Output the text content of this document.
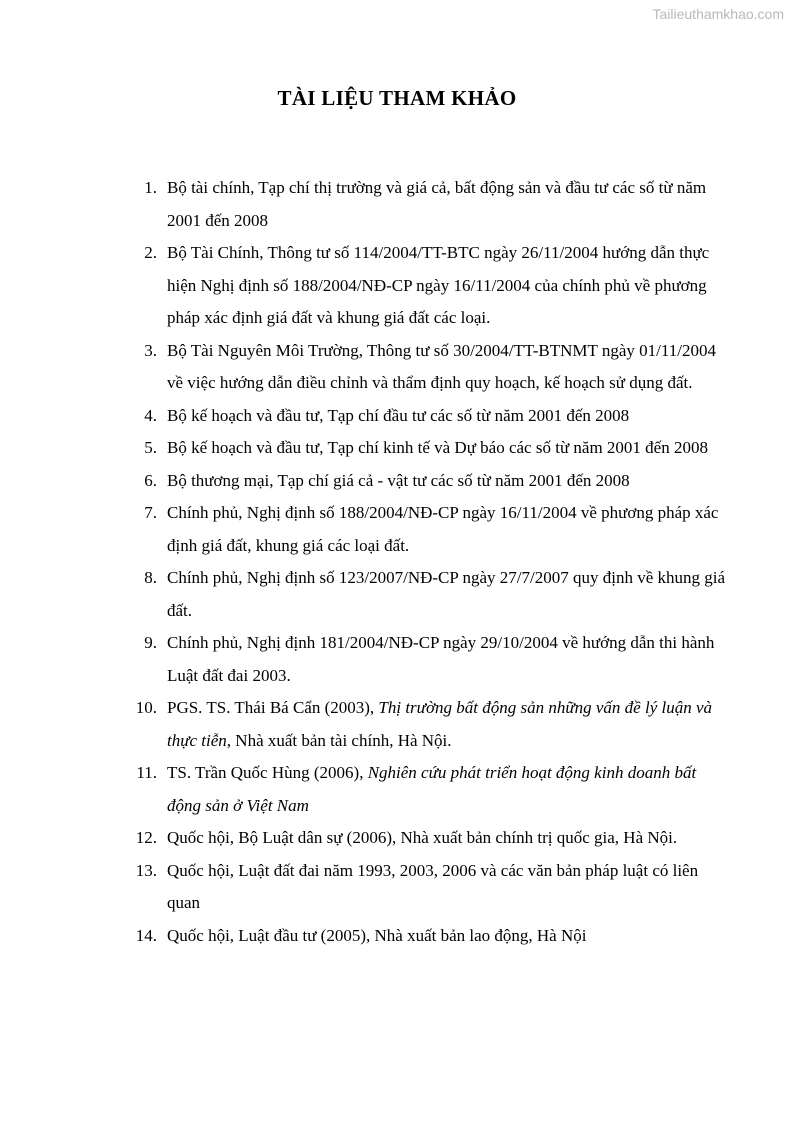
Tailieuthamkhao.com
TÀI LIỆU THAM KHẢO
1. Bộ tài chính, Tạp chí thị trường và giá cả, bất động sản và đầu tư các số từ năm 2001 đến 2008
2. Bộ Tài Chính, Thông tư số 114/2004/TT-BTC ngày 26/11/2004 hướng dẫn thực hiện Nghị định số 188/2004/NĐ-CP ngày 16/11/2004 của chính phủ về phương pháp xác định giá đất và khung giá đất các loại.
3. Bộ Tài Nguyên Môi Trường, Thông tư số 30/2004/TT-BTNMT ngày 01/11/2004 về việc hướng dẫn điều chỉnh và thẩm định quy hoạch, kế hoạch sử dụng đất.
4. Bộ kế hoạch và đầu tư, Tạp chí đầu tư các số từ năm 2001 đến 2008
5. Bộ kế hoạch và đầu tư, Tạp chí kinh tế và Dự báo các số từ năm 2001 đến 2008
6. Bộ thương mại, Tạp chí giá cả - vật tư các số từ năm 2001 đến 2008
7. Chính phủ, Nghị định số 188/2004/NĐ-CP ngày 16/11/2004 về phương pháp xác định giá đất, khung giá các loại đất.
8. Chính phủ, Nghị định số 123/2007/NĐ-CP ngày 27/7/2007 quy định về khung giá đất.
9. Chính phủ, Nghị định 181/2004/NĐ-CP ngày 29/10/2004 về hướng dẫn thi hành Luật đất đai 2003.
10. PGS. TS. Thái Bá Cẩn (2003), Thị trường bất động sản những vấn đề lý luận và thực tiễn, Nhà xuất bản tài chính, Hà Nội.
11. TS. Trần Quốc Hùng (2006), Nghiên cứu phát triển hoạt động kinh doanh bất động sản ở Việt Nam
12. Quốc hội, Bộ Luật dân sự (2006), Nhà xuất bản chính trị quốc gia, Hà Nội.
13. Quốc hội, Luật đất đai năm 1993, 2003, 2006 và các văn bản pháp luật có liên quan
14. Quốc hội, Luật đầu tư (2005), Nhà xuất bản lao động, Hà Nội
